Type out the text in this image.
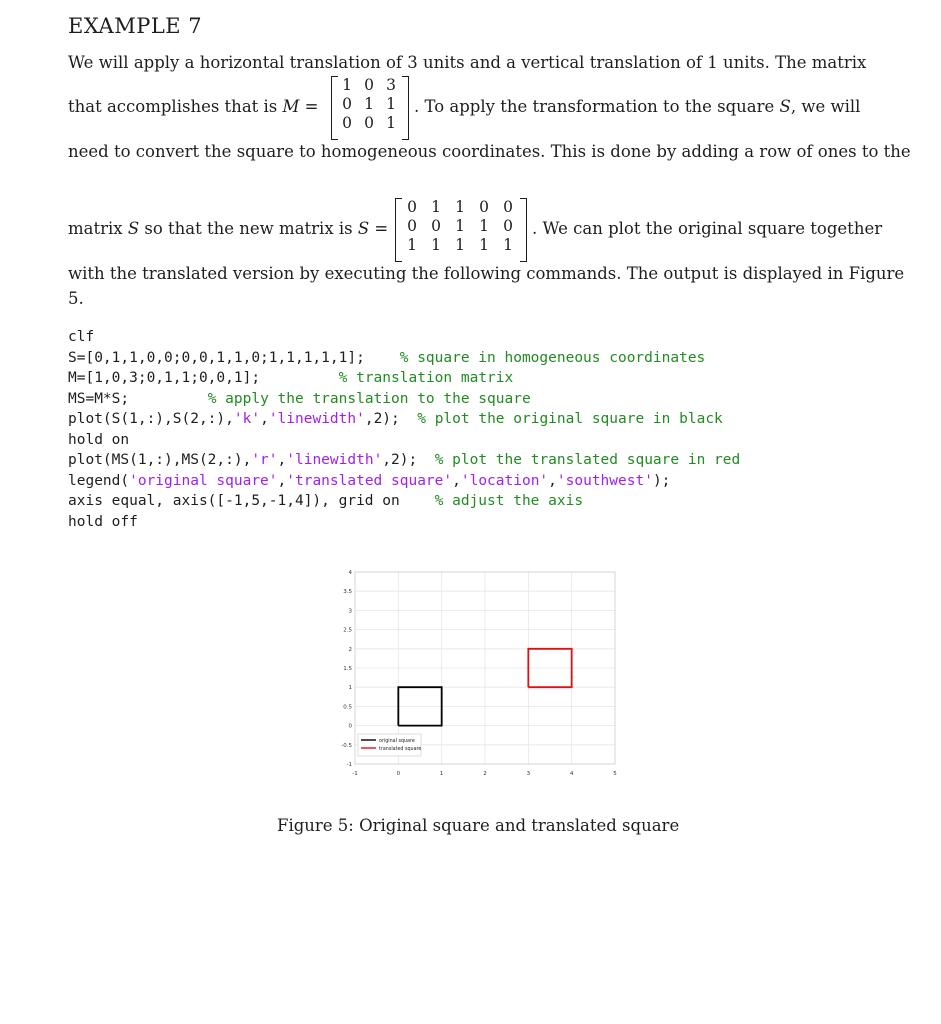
EXAMPLE 7
We will apply a horizontal translation of 3 units and a vertical translation of 1 units. The matrix
that accomplishes that is M =
1 0 3
0 1 1
0 0 1
. To apply the transformation to the square S, we will
need to convert the square to homogeneous coordinates. This is done by adding a row of ones to the
matrix S so that the new matrix is S =
0 1 1 0 0
0 0 1 1 0
1 1 1 1 1
. We can plot the original square together
with the translated version by executing the following commands. The output is displayed in Figure
5.
clf
S=[0,1,1,0,0;0,0,1,1,0;1,1,1,1,1]; % square in homogeneous coordinates
M=[1,0,3;0,1,1;0,0,1];	% translation matrix
MS=M*S;	% apply the translation to the square
plot(S(1,:),S(2,:),'k','linewidth',2); % plot the original square in black
hold on
plot(MS(1,:),MS(2,:),'r','linewidth',2); % plot the translated square in red
legend('original square','translated square','location','southwest');
axis equal, axis([-1,5,-1,4]), grid on % adjust the axis
hold off
-1	0	1	2	3	4	5
-1
-0.5
0
0.5
1
1.5
2
2.5
3
3.5
4
original square
translated square
Figure 5: Original square and translated square
